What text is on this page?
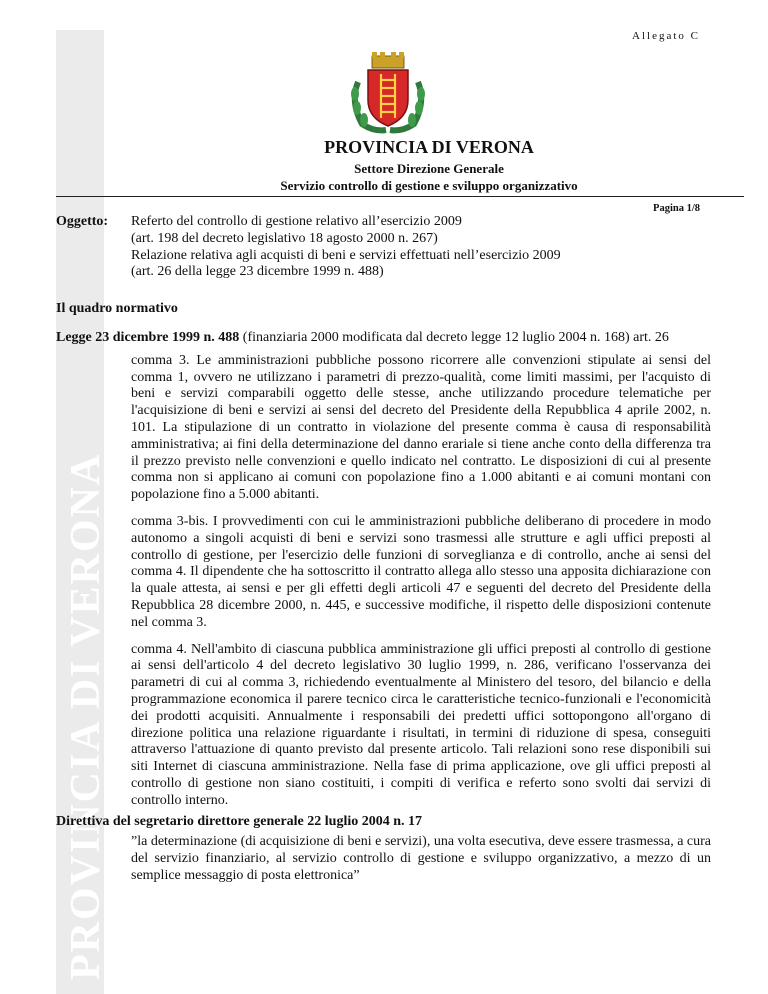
PROVINCIA DI VERONA
Allegato C
PROVINCIA DI VERONA
Settore Direzione Generale
Servizio controllo di gestione e sviluppo organizzativo
Pagina 1/8
Oggetto:	Referto del controllo di gestione relativo all’esercizio 2009
(art. 198 del decreto legislativo 18 agosto 2000 n. 267)
Relazione relativa agli acquisti di beni e servizi effettuati nell’esercizio 2009
(art. 26 della legge 23 dicembre 1999 n. 488)
Il quadro normativo

Legge 23 dicembre 1999 n. 488 (finanziaria 2000 modificata dal decreto legge 12 luglio 2004 n. 168) art. 26

comma 3. Le amministrazioni pubbliche possono ricorrere alle convenzioni stipulate ai sensi del comma 1, ovvero ne utilizzano i parametri di prezzo-qualità, come limiti massimi, per l'acquisto di beni e servizi comparabili oggetto delle stesse, anche utilizzando procedure telematiche per l'acquisizione di beni e servizi ai sensi del decreto del Presidente della Repubblica 4 aprile 2002, n. 101. La stipulazione di un contratto in violazione del presente comma è causa di responsabilità amministrativa; ai fini della determinazione del danno erariale si tiene anche conto della differenza tra il prezzo previsto nelle convenzioni e quello indicato nel contratto. Le disposizioni di cui al presente comma non si applicano ai comuni con popolazione fino a 1.000 abitanti e ai comuni montani con popolazione fino a 5.000 abitanti.

comma 3-bis. I provvedimenti con cui le amministrazioni pubbliche deliberano di procedere in modo autonomo a singoli acquisti di beni e servizi sono trasmessi alle strutture e agli uffici preposti al controllo di gestione, per l'esercizio delle funzioni di sorveglianza e di controllo, anche ai sensi del comma 4. Il dipendente che ha sottoscritto il contratto allega allo stesso una apposita dichiarazione con la quale attesta, ai sensi e per gli effetti degli articoli 47 e seguenti del decreto del Presidente della Repubblica 28 dicembre 2000, n. 445, e successive modifiche, il rispetto delle disposizioni contenute nel comma 3.

comma 4. Nell'ambito di ciascuna pubblica amministrazione gli uffici preposti al controllo di gestione ai sensi dell'articolo 4 del decreto legislativo 30 luglio 1999, n. 286, verificano l'osservanza dei parametri di cui al comma 3, richiedendo eventualmente al Ministero del tesoro, del bilancio e della programmazione economica il parere tecnico circa le caratteristiche tecnico-funzionali e l'economicità dei prodotti acquisiti. Annualmente i responsabili dei predetti uffici sottopongono all'organo di direzione politica una relazione riguardante i risultati, in termini di riduzione di spesa, conseguiti attraverso l'attuazione di quanto previsto dal presente articolo. Tali relazioni sono rese disponibili sui siti Internet di ciascuna amministrazione. Nella fase di prima applicazione, ove gli uffici preposti al controllo di gestione non siano costituiti, i compiti di verifica e referto sono svolti dai servizi di controllo interno.

Direttiva del segretario direttore generale 22 luglio 2004 n. 17

”la determinazione (di acquisizione di beni e servizi), una volta esecutiva, deve essere trasmessa, a cura del servizio finanziario, al servizio controllo di gestione e sviluppo organizzativo, a mezzo di un semplice messaggio di posta elettronica”
